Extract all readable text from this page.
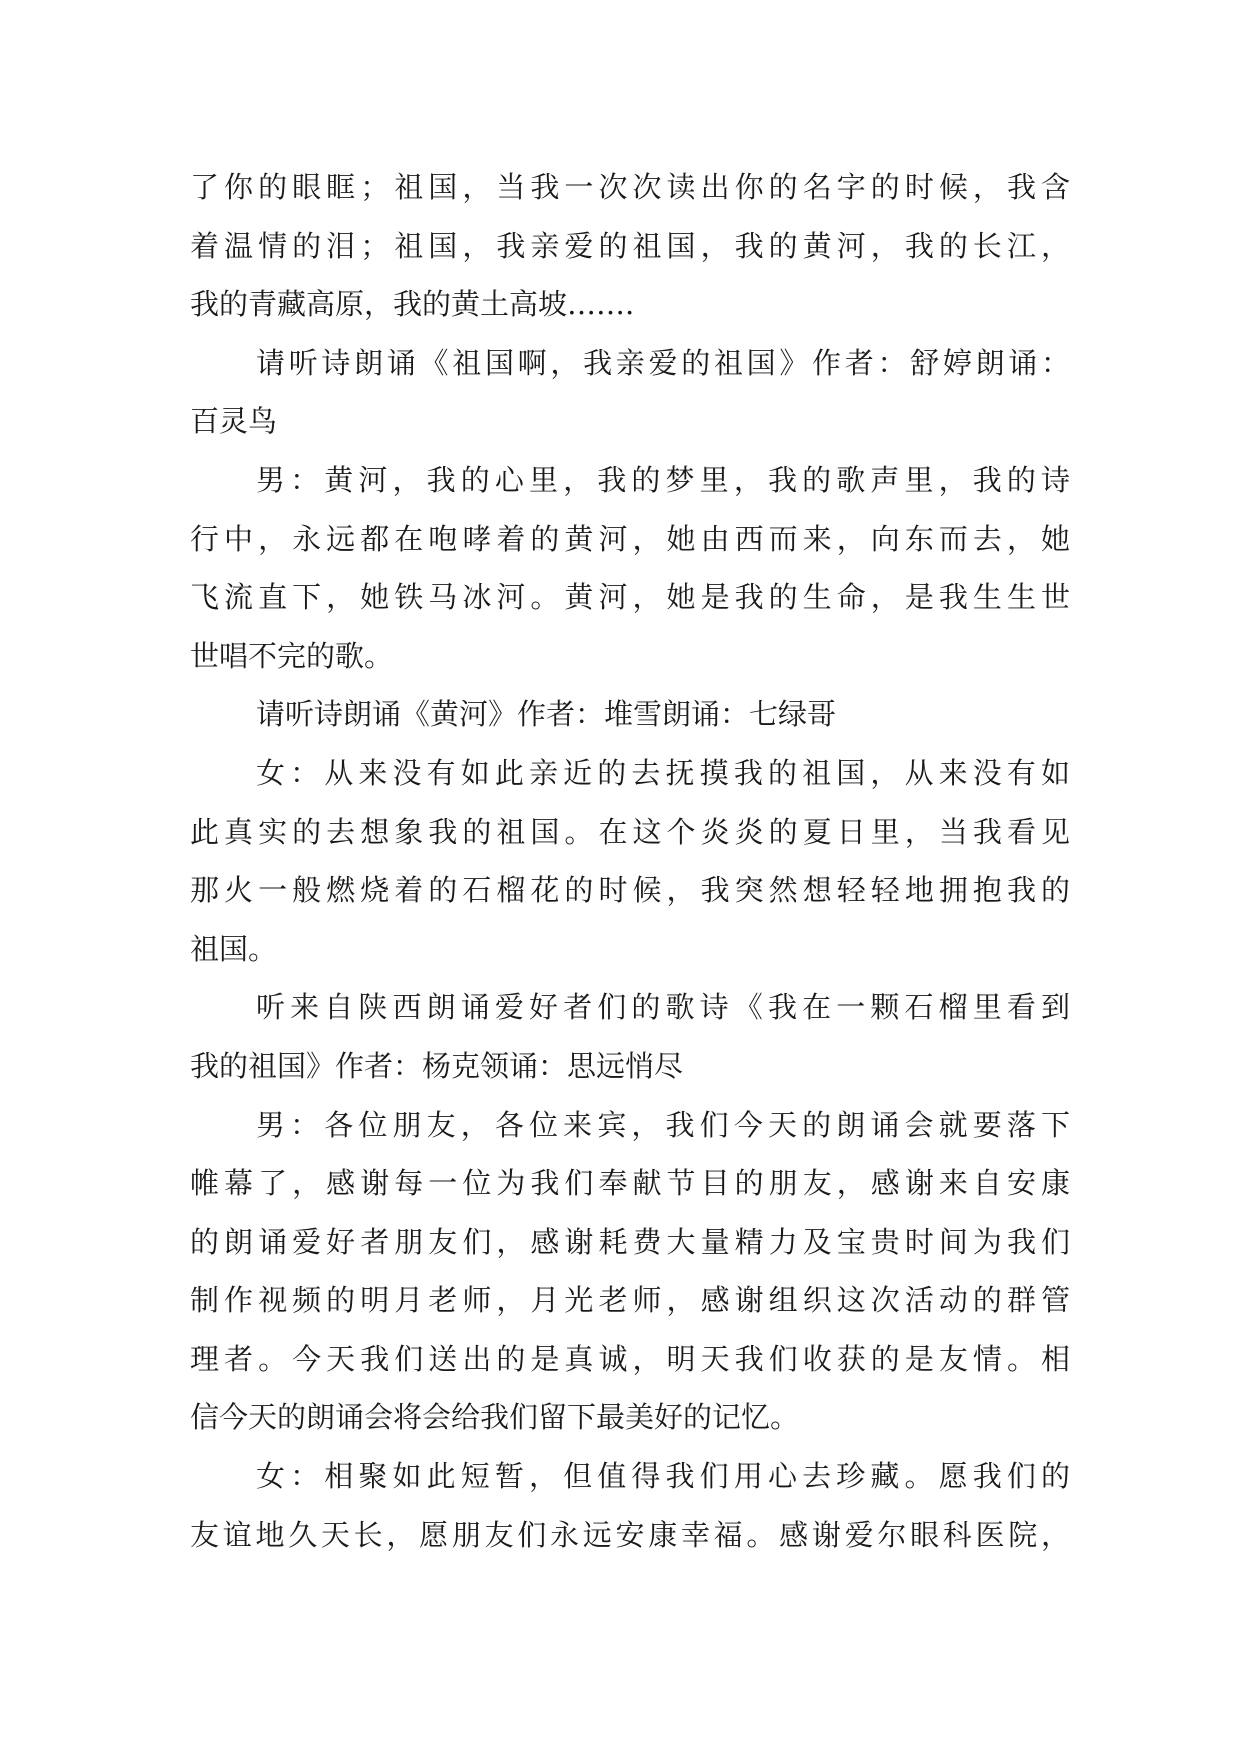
了你的眼眶；祖国，当我一次次读出你的名字的时候，我含
着温情的泪；祖国，我亲爱的祖国，我的黄河，我的长江，
我的青藏高原，我的黄土高坡…….

请听诗朗诵《祖国啊，我亲爱的祖国》作者：舒婷朗诵：
百灵鸟

男：黄河，我的心里，我的梦里，我的歌声里，我的诗
行中，永远都在咆哮着的黄河，她由西而来，向东而去，她
飞流直下，她铁马冰河。黄河，她是我的生命，是我生生世
世唱不完的歌。

请听诗朗诵《黄河》作者：堆雪朗诵：七绿哥

女：从来没有如此亲近的去抚摸我的祖国，从来没有如
此真实的去想象我的祖国。在这个炎炎的夏日里，当我看见
那火一般燃烧着的石榴花的时候，我突然想轻轻地拥抱我的
祖国。

听来自陕西朗诵爱好者们的歌诗《我在一颗石榴里看到
我的祖国》作者：杨克领诵：思远悄尽

男：各位朋友，各位来宾，我们今天的朗诵会就要落下
帷幕了，感谢每一位为我们奉献节目的朋友，感谢来自安康
的朗诵爱好者朋友们，感谢耗费大量精力及宝贵时间为我们
制作视频的明月老师，月光老师，感谢组织这次活动的群管
理者。今天我们送出的是真诚，明天我们收获的是友情。相
信今天的朗诵会将会给我们留下最美好的记忆。

女：相聚如此短暂，但值得我们用心去珍藏。愿我们的
友谊地久天长，愿朋友们永远安康幸福。感谢爱尔眼科医院，
